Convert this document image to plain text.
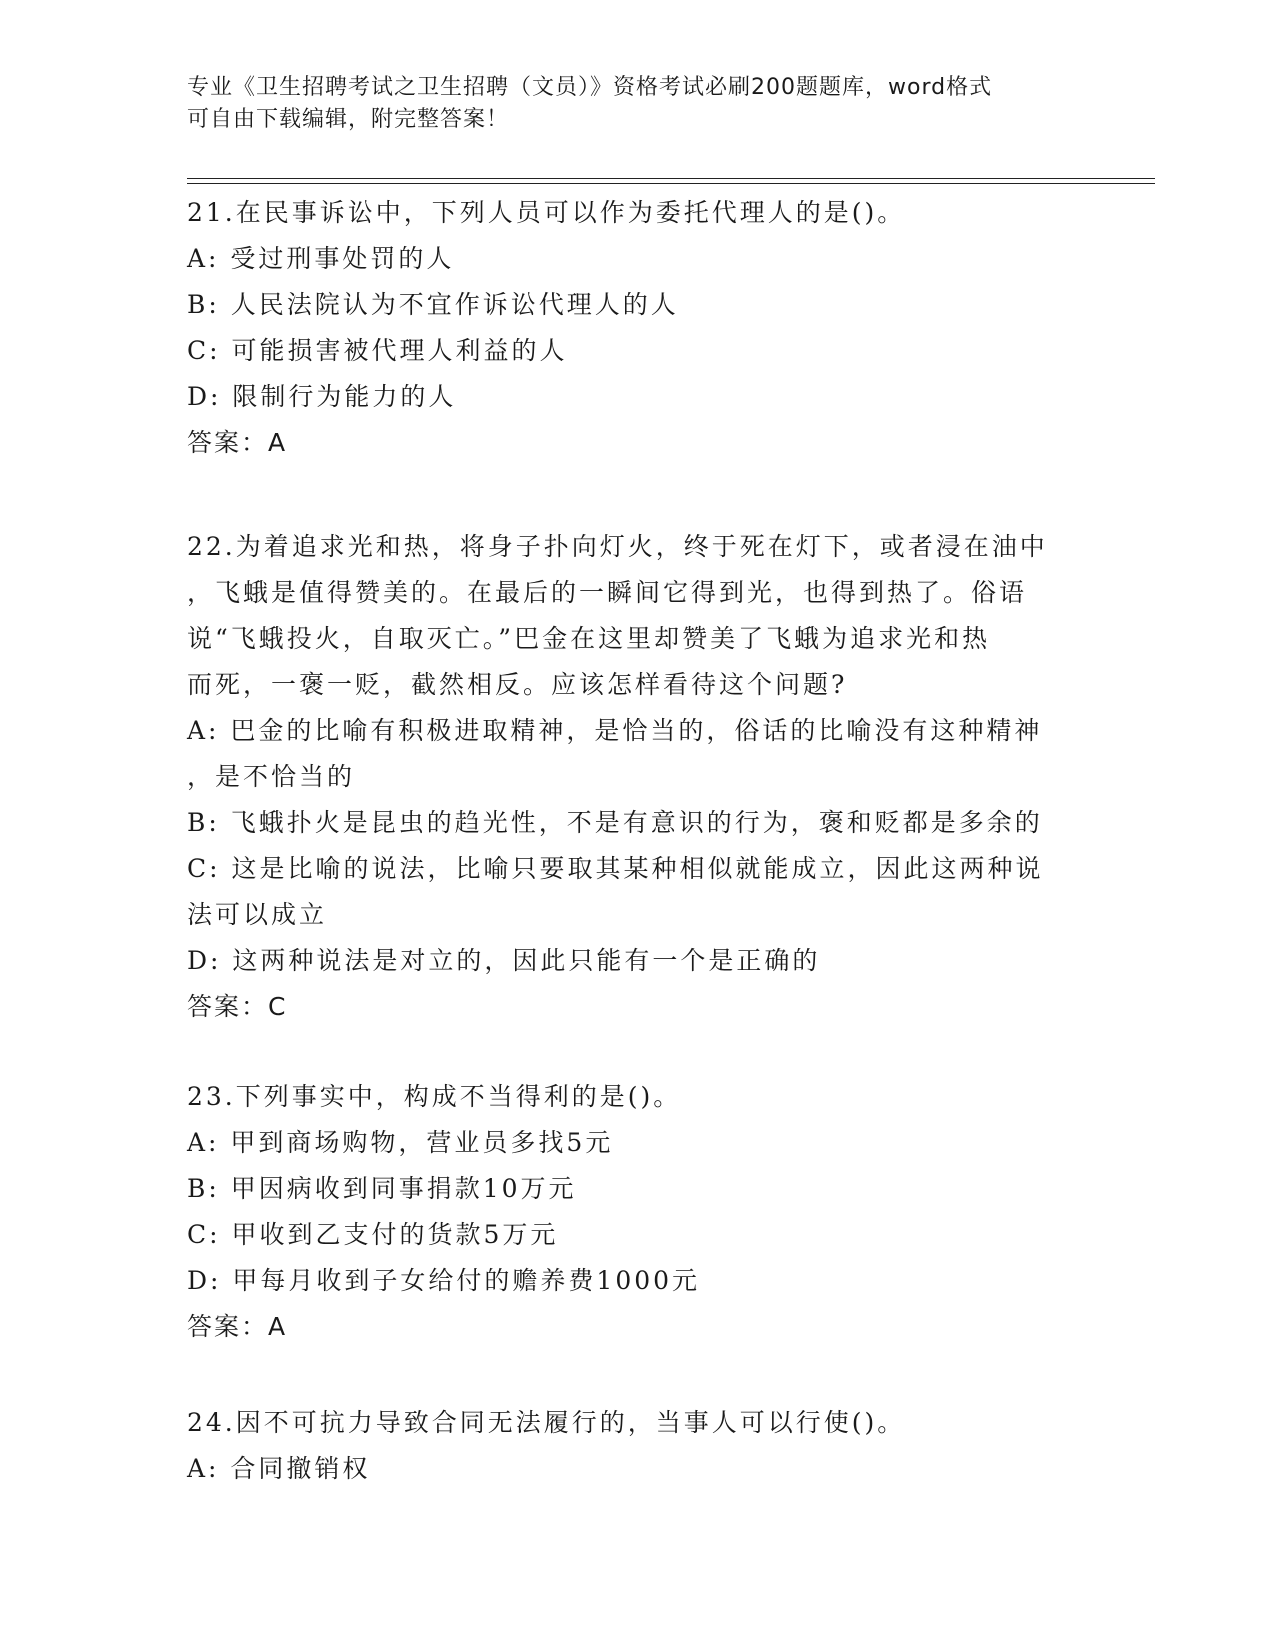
专业《卫生招聘考试之卫生招聘（文员）》资格考试必刷200题题库，word格式
可自由下载编辑，附完整答案！
21.在民事诉讼中，下列人员可以作为委托代理人的是()。
A: 受过刑事处罚的人
B: 人民法院认为不宜作诉讼代理人的人
C: 可能损害被代理人利益的人
D: 限制行为能力的人
答案：A
22.为着追求光和热，将身子扑向灯火，终于死在灯下，或者浸在油中
，飞蛾是值得赞美的。在最后的一瞬间它得到光，也得到热了。俗语
说“飞蛾投火，自取灭亡。”巴金在这里却赞美了飞蛾为追求光和热
而死，一褒一贬，截然相反。应该怎样看待这个问题?
A: 巴金的比喻有积极进取精神，是恰当的，俗话的比喻没有这种精神
，是不恰当的
B: 飞蛾扑火是昆虫的趋光性，不是有意识的行为，褒和贬都是多余的
C: 这是比喻的说法，比喻只要取其某种相似就能成立，因此这两种说
法可以成立
D: 这两种说法是对立的，因此只能有一个是正确的
答案：C
23.下列事实中，构成不当得利的是()。
A: 甲到商场购物，营业员多找5元
B: 甲因病收到同事捐款10万元
C: 甲收到乙支付的货款5万元
D: 甲每月收到子女给付的赡养费1000元
答案：A
24.因不可抗力导致合同无法履行的，当事人可以行使()。
A: 合同撤销权
